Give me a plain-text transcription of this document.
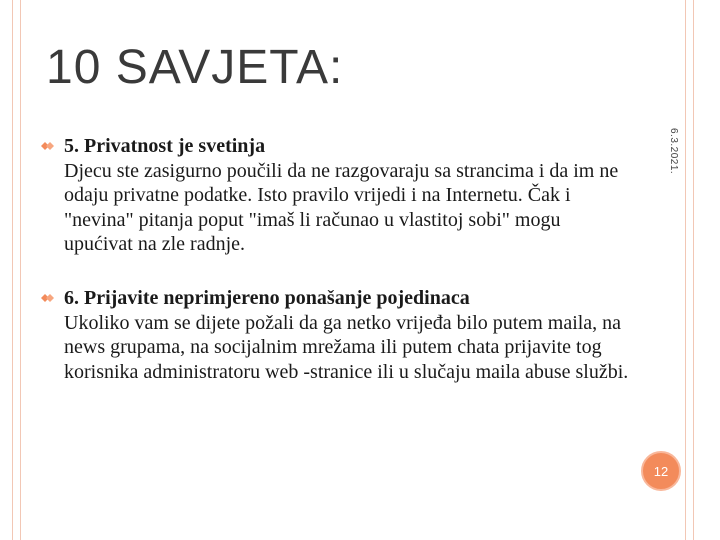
10 SAVJETA:
6.3.2021.
5. Privatnost je svetinja
Djecu ste zasigurno poučili da ne razgovaraju sa strancima i da im ne odaju privatne podatke. Isto pravilo vrijedi i na Internetu. Čak i "nevina" pitanja poput "imaš li računao u vlastitoj sobi" mogu upućivat na zle radnje.
6. Prijavite neprimjereno ponašanje pojedinaca
Ukoliko vam se dijete požali da ga netko vrijeđa bilo putem maila, na news grupama, na socijalnim mrežama ili putem chata prijavite tog korisnika administratoru web -stranice ili u slučaju maila abuse službi.
12
